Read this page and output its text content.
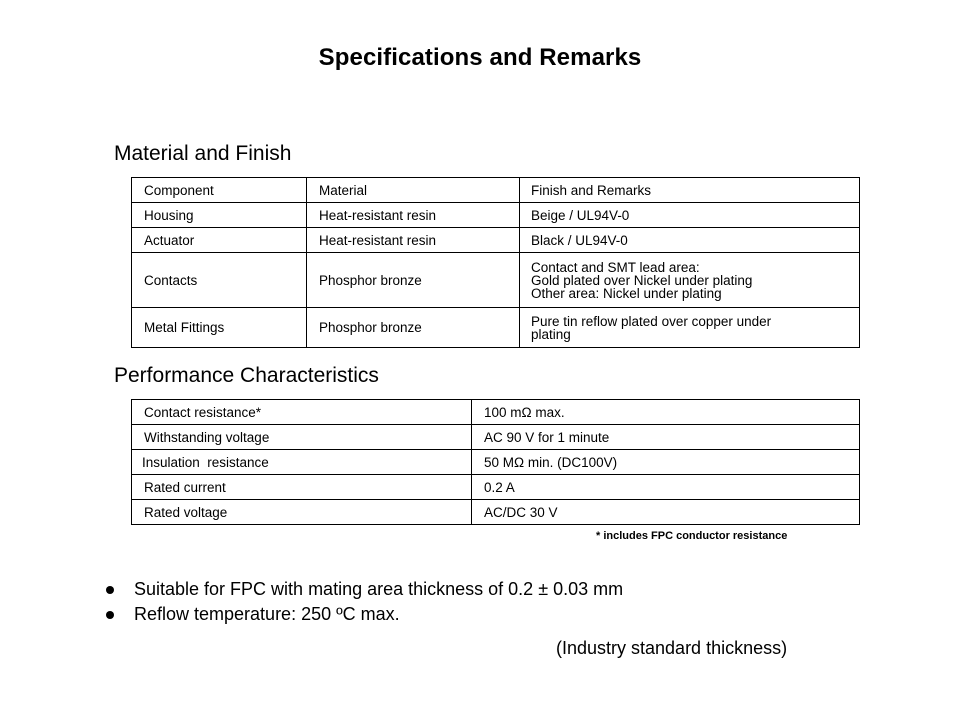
Specifications and Remarks
Material and Finish
Component	Material	Finish and Remarks
Housing	Heat-resistant resin	Beige / UL94V-0
Actuator	Heat-resistant resin	Black / UL94V-0
Contacts	Phosphor bronze	Contact and SMT lead area:
Gold plated over Nickel under plating
Other area: Nickel under plating

Metal Fittings	Phosphor bronze	Pure tin reflow plated over copper under
plating
Performance Characteristics
Contact resistance*	100 mΩ max.
Withstanding voltage	AC 90 V for 1 minute
Insulation  resistance	50 MΩ min. (DC100V)
Rated current	0.2 A
Rated voltage	AC/DC 30 V
* includes FPC conductor resistance
Suitable for FPC with mating area thickness of 0.2 ± 0.03 mm
Reflow temperature: 250 ºC max.
(Industry standard thickness)
